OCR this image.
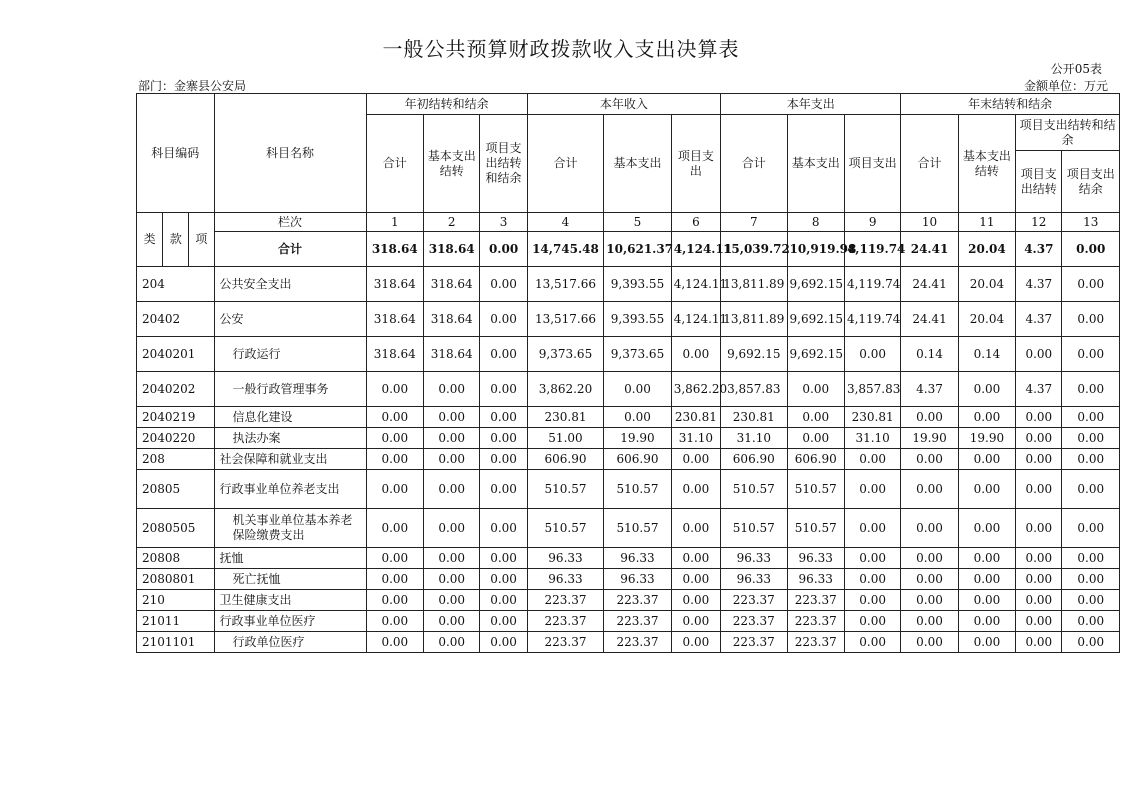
一般公共预算财政拨款收入支出决算表
公开05表
部门：金寨县公安局	金额单位：万元
科目编码			科目名称	年初结转和结余			本年收入			本年支出			年末结转和结余			
				合计	基本支出结转	项目支出结转和结余	合计	基本支出	项目支出	合计	基本支出	项目支出	合计	基本支出结转	项目支出结转和结余	
															项目支出结转	项目支出结余
类	款	项	栏次	1	2	3	4	5	6	7	8	9	10	11	12	13
			合计	318.64	318.64	0.00	14,745.48	10,621.37	4,124.11	15,039.72	10,919.98	4,119.74	24.41	20.04	4.37	0.00
204			公共安全支出	318.64	318.64	0.00	13,517.66	9,393.55	4,124.11	13,811.89	9,692.15	4,119.74	24.41	20.04	4.37	0.00
20402			公安	318.64	318.64	0.00	13,517.66	9,393.55	4,124.11	13,811.89	9,692.15	4,119.74	24.41	20.04	4.37	0.00
2040201			行政运行	318.64	318.64	0.00	9,373.65	9,373.65	0.00	9,692.15	9,692.15	0.00	0.14	0.14	0.00	0.00
2040202			一般行政管理事务	0.00	0.00	0.00	3,862.20	0.00	3,862.20	3,857.83	0.00	3,857.83	4.37	0.00	4.37	0.00
2040219			信息化建设	0.00	0.00	0.00	230.81	0.00	230.81	230.81	0.00	230.81	0.00	0.00	0.00	0.00
2040220			执法办案	0.00	0.00	0.00	51.00	19.90	31.10	31.10	0.00	31.10	19.90	19.90	0.00	0.00
208			社会保障和就业支出	0.00	0.00	0.00	606.90	606.90	0.00	606.90	606.90	0.00	0.00	0.00	0.00	0.00
20805			行政事业单位养老支出	0.00	0.00	0.00	510.57	510.57	0.00	510.57	510.57	0.00	0.00	0.00	0.00	0.00
2080505			机关事业单位基本养老保险缴费支出	0.00	0.00	0.00	510.57	510.57	0.00	510.57	510.57	0.00	0.00	0.00	0.00	0.00
20808			抚恤	0.00	0.00	0.00	96.33	96.33	0.00	96.33	96.33	0.00	0.00	0.00	0.00	0.00
2080801			死亡抚恤	0.00	0.00	0.00	96.33	96.33	0.00	96.33	96.33	0.00	0.00	0.00	0.00	0.00
210			卫生健康支出	0.00	0.00	0.00	223.37	223.37	0.00	223.37	223.37	0.00	0.00	0.00	0.00	0.00
21011			行政事业单位医疗	0.00	0.00	0.00	223.37	223.37	0.00	223.37	223.37	0.00	0.00	0.00	0.00	0.00
2101101			行政单位医疗	0.00	0.00	0.00	223.37	223.37	0.00	223.37	223.37	0.00	0.00	0.00	0.00	0.00
